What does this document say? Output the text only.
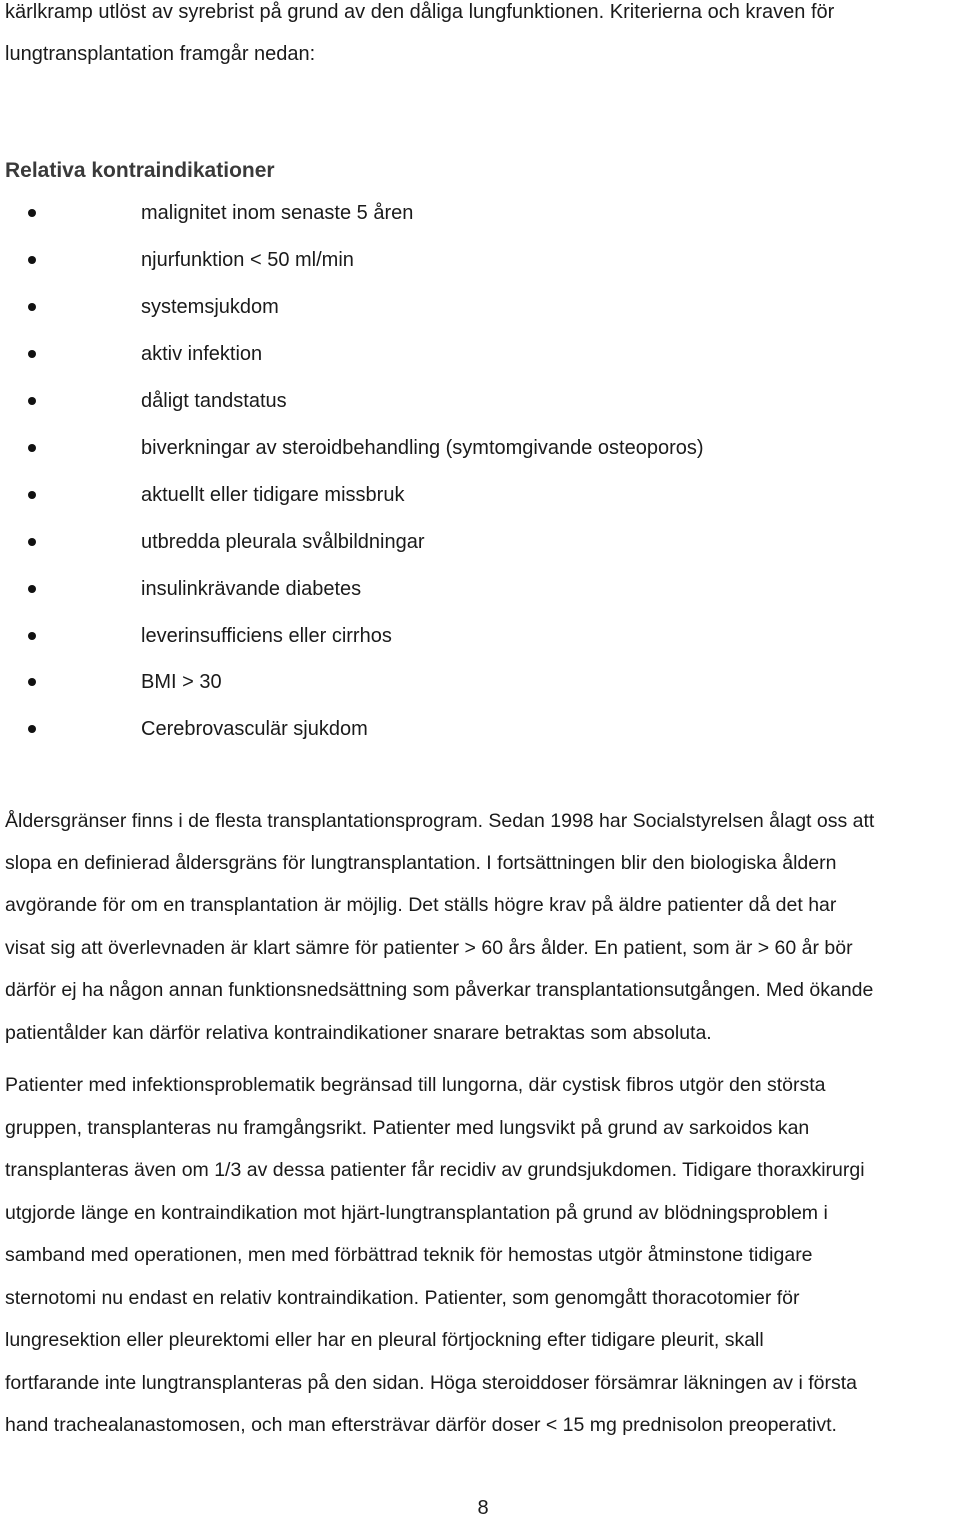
kärlkramp utlöst av syrebrist på grund av den dåliga lungfunktionen. Kriterierna och kraven för

lungtransplantation framgår nedan:

Relativa kontraindikationer
malignitet inom senaste 5 åren
njurfunktion < 50 ml/min
systemsjukdom
aktiv infektion
dåligt tandstatus
biverkningar av steroidbehandling (symtomgivande osteoporos)
aktuellt eller tidigare missbruk
utbredda pleurala svålbildningar
insulinkrävande diabetes
leverinsufficiens eller cirrhos
BMI > 30
Cerebrovasculär sjukdom

Åldersgränser finns i de flesta transplantationsprogram. Sedan 1998 har Socialstyrelsen ålagt oss att

slopa en definierad åldersgräns för lungtransplantation. I fortsättningen blir den biologiska åldern

avgörande för om en transplantation är möjlig. Det ställs högre krav på äldre patienter då det har

visat sig att överlevnaden är klart sämre för patienter > 60 års ålder. En patient, som är > 60 år bör

därför ej ha någon annan funktionsnedsättning som påverkar transplantationsutgången. Med ökande

patientålder kan därför relativa kontraindikationer snarare betraktas som absoluta.

Patienter med infektionsproblematik begränsad till lungorna, där cystisk fibros utgör den största

gruppen, transplanteras nu framgångsrikt. Patienter med lungsvikt på grund av sarkoidos kan

transplanteras även om 1/3 av dessa patienter får recidiv av grundsjukdomen. Tidigare thoraxkirurgi

utgjorde länge en kontraindikation mot hjärt-lungtransplantation på grund av blödningsproblem i

samband med operationen, men med förbättrad teknik för hemostas utgör åtminstone tidigare

sternotomi nu endast en relativ kontraindikation. Patienter, som genomgått thoracotomier för

lungresektion eller pleurektomi eller har en pleural förtjockning efter tidigare pleurit, skall

fortfarande inte lungtransplanteras på den sidan. Höga steroiddoser försämrar läkningen av i första

hand trachealanastomosen, och man eftersträvar därför doser < 15 mg prednisolon preoperativt.

8
